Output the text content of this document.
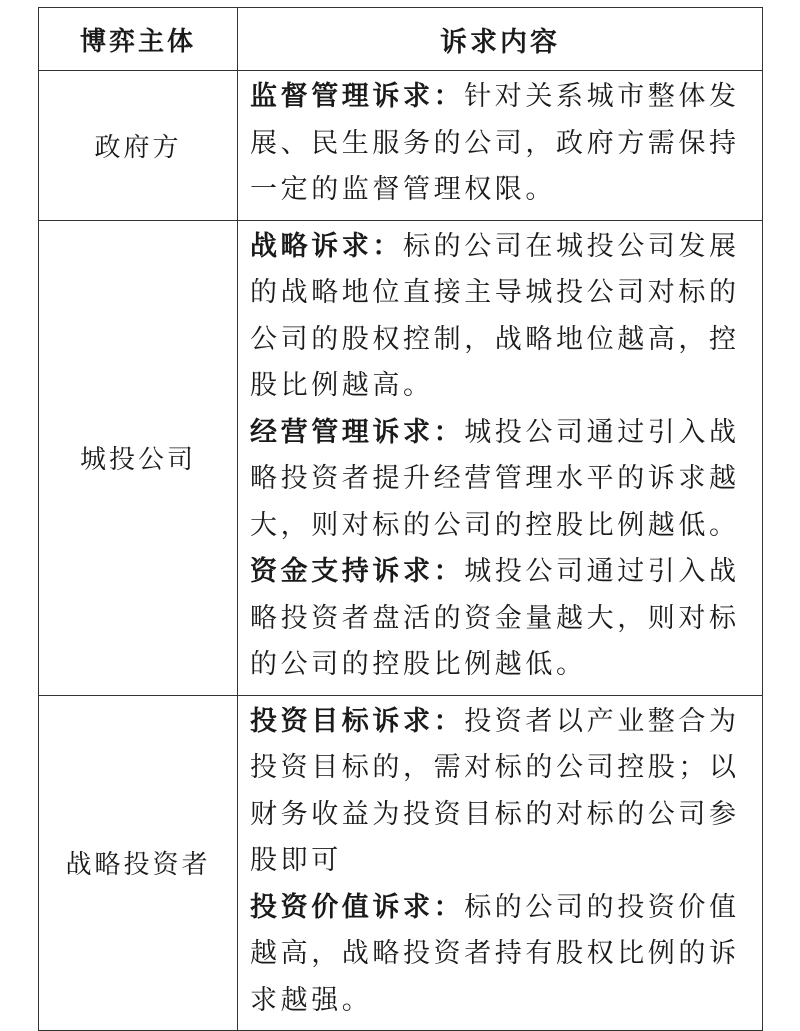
博弈主体	诉求内容
政府方	监督管理诉求：针对关系城市整体发展、民生服务的公司，政府方需保持一定的监督管理权限。

城投公司	战略诉求：标的公司在城投公司发展的战略地位直接主导城投公司对标的公司的股权控制，战略地位越高，控股比例越高。
经营管理诉求：城投公司通过引入战略投资者提升经营管理水平的诉求越大，则对标的公司的控股比例越低。
资金支持诉求：城投公司通过引入战略投资者盘活的资金量越大，则对标的公司的控股比例越低。

战略投资者	投资目标诉求：投资者以产业整合为投资目标的，需对标的公司控股；以财务收益为投资目标的对标的公司参股即可
投资价值诉求：标的公司的投资价值越高，战略投资者持有股权比例的诉求越强。
